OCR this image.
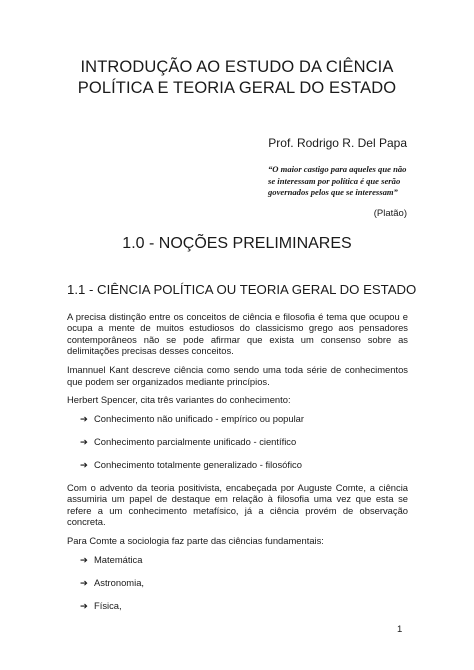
INTRODUÇÃO AO ESTUDO DA CIÊNCIA
POLÍTICA E TEORIA GERAL DO ESTADO
Prof. Rodrigo R. Del Papa
“O maior castigo para aqueles que não
se interessam por política é que serão
governados pelos que se interessam”
(Platão)
1.0 - NOÇÕES PRELIMINARES
1.1 - CIÊNCIA POLÍTICA OU TEORIA GERAL DO ESTADO

A precisa distinção entre os conceitos de ciência e filosofia é tema que ocupou e ocupa a mente de muitos estudiosos do classicismo grego aos pensadores contemporâneos não se pode afirmar que exista um consenso sobre as delimitações precisas desses conceitos.

Imannuel Kant descreve ciência como sendo uma toda série de conhecimentos que podem ser organizados mediante princípios.

Herbert Spencer, cita três variantes do conhecimento:

➔ Conhecimento não unificado - empírico ou popular
➔ Conhecimento parcialmente unificado - científico
➔ Conhecimento totalmente generalizado - filosófico

Com o advento da teoria positivista, encabeçada por Auguste Comte, a ciência assumiria um papel de destaque em relação à filosofia uma vez que esta se refere a um conhecimento metafísico, já a ciência provém de observação concreta.

Para Comte a sociologia faz parte das ciências fundamentais:

➔ Matemática
➔ Astronomia,
➔ Física,
1
